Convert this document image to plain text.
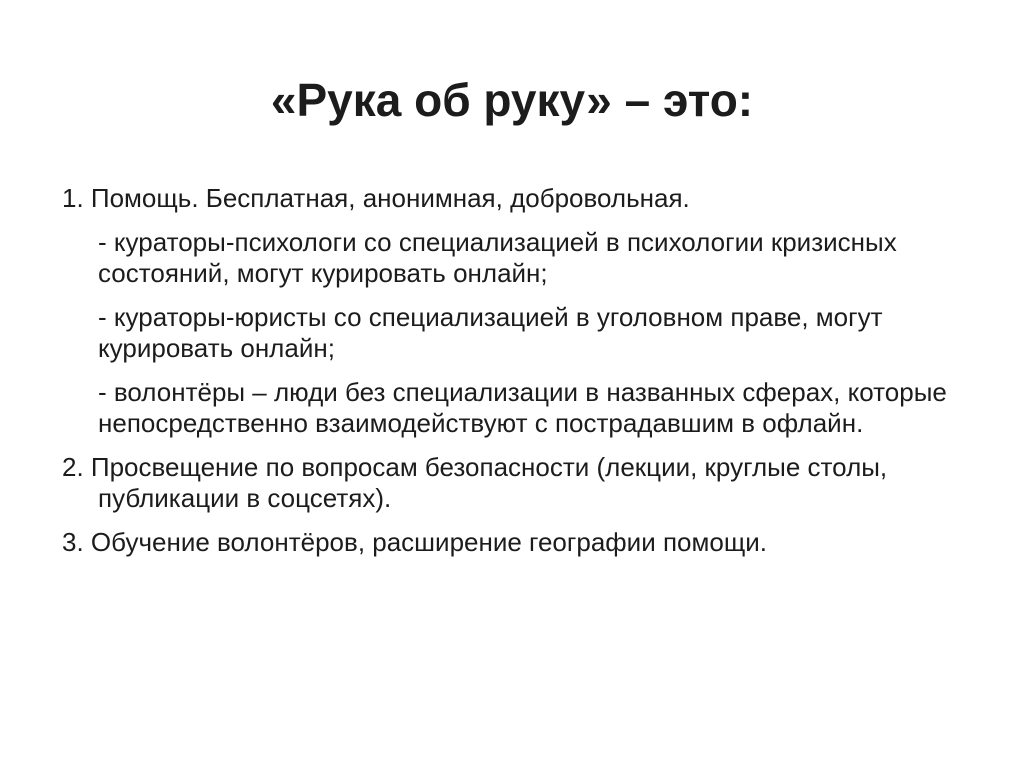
«Рука об руку» – это:
1. Помощь. Бесплатная, анонимная, добровольная.
- кураторы-психологи со специализацией в психологии кризисных состояний, могут курировать онлайн;
- кураторы-юристы со специализацией в уголовном праве, могут курировать онлайн;
- волонтёры – люди без специализации в названных сферах, которые непосредственно взаимодействуют с пострадавшим в офлайн.
2. Просвещение по вопросам безопасности (лекции, круглые столы, публикации в соцсетях).
3. Обучение волонтёров, расширение географии помощи.
